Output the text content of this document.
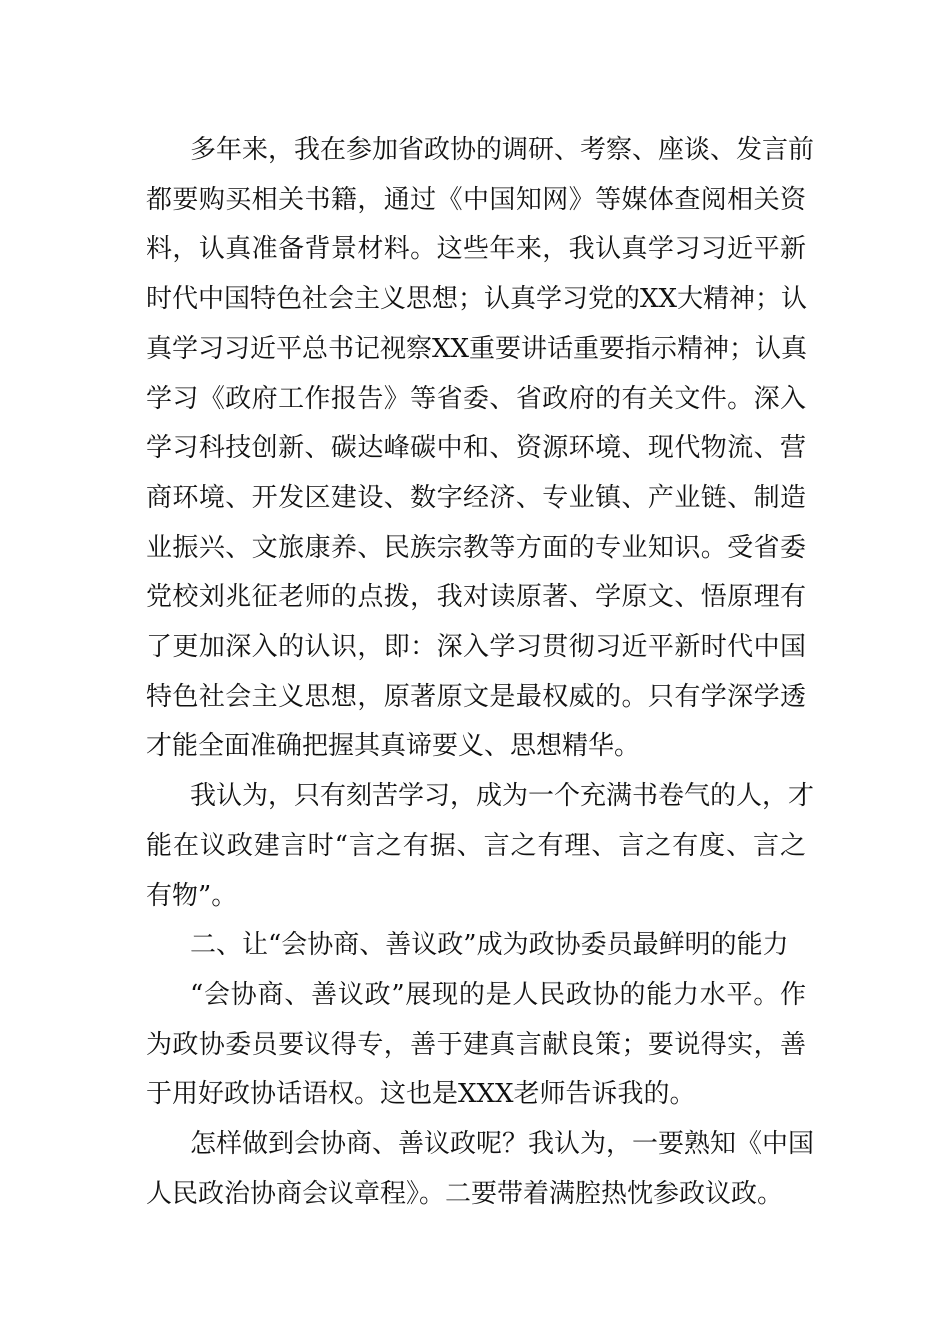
多年来，我在参加省政协的调研、考察、座谈、发言前
都要购买相关书籍，通过《中国知网》等媒体查阅相关资
料，认真准备背景材料。这些年来，我认真学习习近平新
时代中国特色社会主义思想；认真学习党的XX大精神；认
真学习习近平总书记视察XX重要讲话重要指示精神；认真
学习《政府工作报告》等省委、省政府的有关文件。深入
学习科技创新、碳达峰碳中和、资源环境、现代物流、营
商环境、开发区建设、数字经济、专业镇、产业链、制造
业振兴、文旅康养、民族宗教等方面的专业知识。受省委
党校刘兆征老师的点拨，我对读原著、学原文、悟原理有
了更加深入的认识，即：深入学习贯彻习近平新时代中国
特色社会主义思想，原著原文是最权威的。只有学深学透
才能全面准确把握其真谛要义、思想精华。

我认为，只有刻苦学习，成为一个充满书卷气的人，才
能在议政建言时“言之有据、言之有理、言之有度、言之
有物”。

二、让“会协商、善议政”成为政协委员最鲜明的能力

“会协商、善议政”展现的是人民政协的能力水平。作
为政协委员要议得专，善于建真言献良策；要说得实，善
于用好政协话语权。这也是XXX老师告诉我的。

怎样做到会协商、善议政呢？我认为，一要熟知《中国
人民政治协商会议章程》。二要带着满腔热忱参政议政。
